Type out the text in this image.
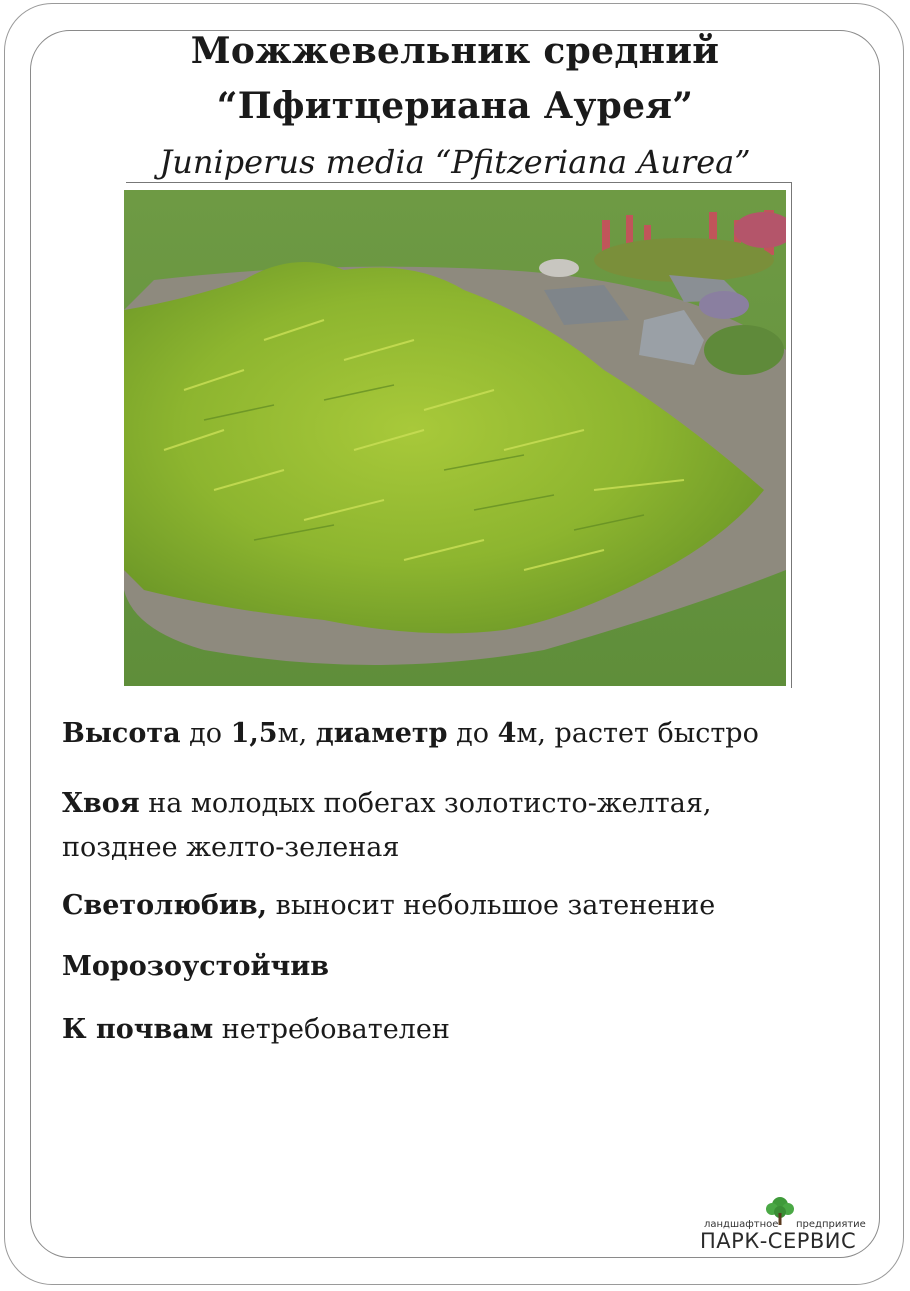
Можжевельник средний
“Пфитцериана Аурея”
Juniperus media “Pfitzeriana Aurea”

Высота до 1,5м, диаметр до 4м, растет быстро

Хвоя на молодых побегах золотисто-желтая,
позднее желто-зеленая

Светолюбив, выносит небольшое затенение

Морозоустойчив

К почвам нетребователен

ландшафтное предприятие
ПАРК-СЕРВИС
